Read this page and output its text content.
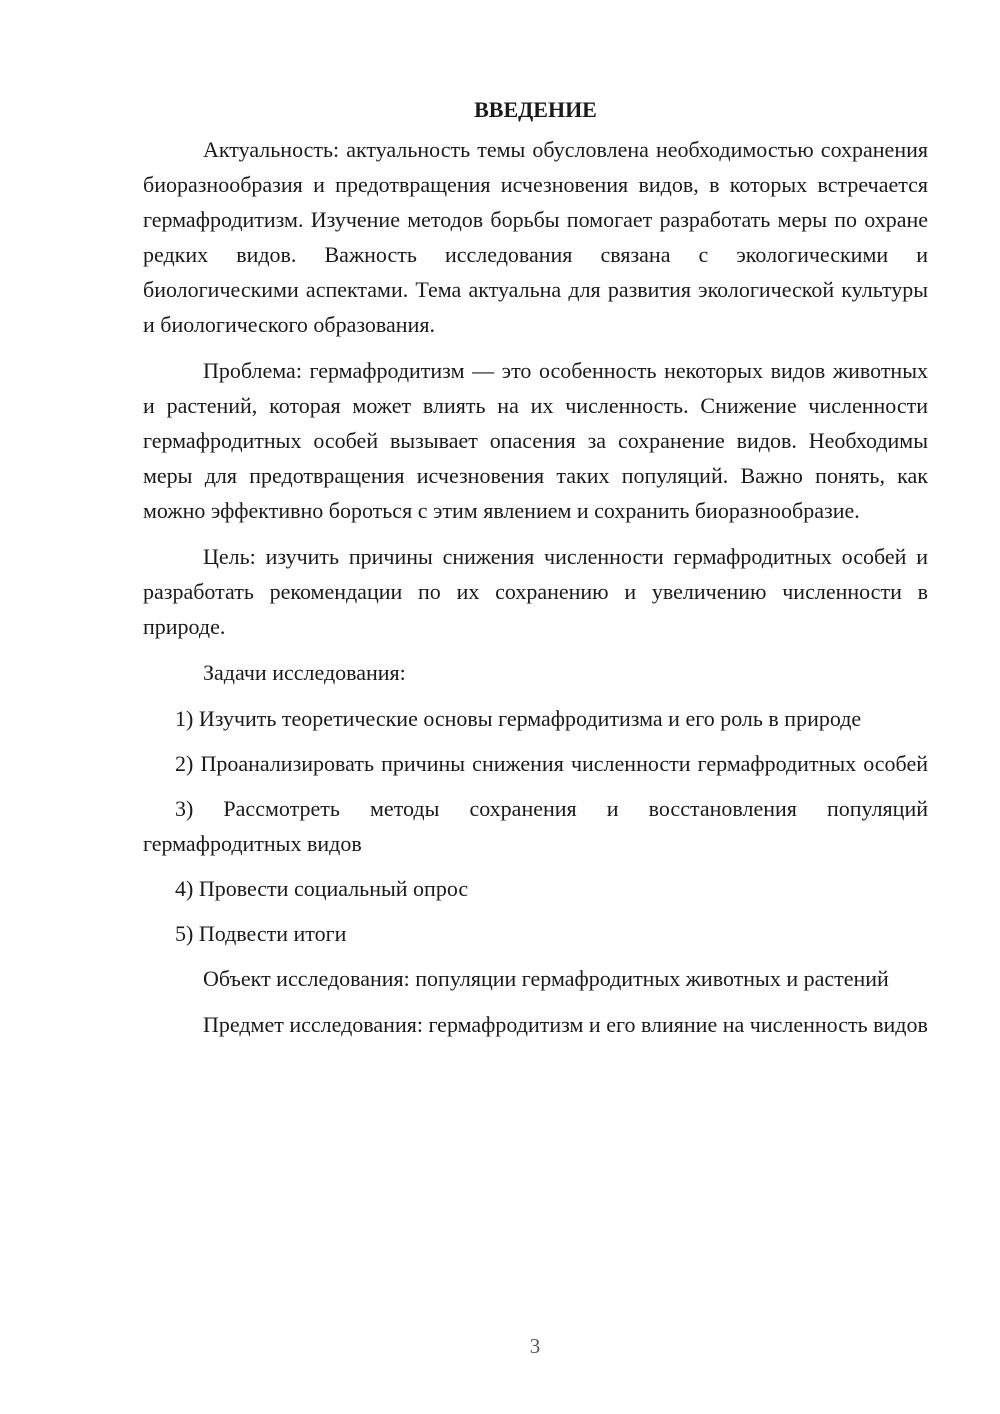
ВВЕДЕНИЕ

Актуальность: актуальность темы обусловлена необходимостью сохранения биоразнообразия и предотвращения исчезновения видов, в которых встречается гермафродитизм. Изучение методов борьбы помогает разработать меры по охране редких видов. Важность исследования связана с экологическими и биологическими аспектами. Тема актуальна для развития экологической культуры и биологического образования.

Проблема: гермафродитизм — это особенность некоторых видов животных и растений, которая может влиять на их численность. Снижение численности гермафродитных особей вызывает опасения за сохранение видов. Необходимы меры для предотвращения исчезновения таких популяций. Важно понять, как можно эффективно бороться с этим явлением и сохранить биоразнообразие.

Цель: изучить причины снижения численности гермафродитных особей и разработать рекомендации по их сохранению и увеличению численности в природе.

Задачи исследования:

1) Изучить теоретические основы гермафродитизма и его роль в природе

2) Проанализировать причины снижения численности гермафродитных особей

3) Рассмотреть методы сохранения и восстановления популяций гермафродитных видов

4) Провести социальный опрос

5) Подвести итоги

Объект исследования: популяции гермафродитных животных и растений

Предмет исследования: гермафродитизм и его влияние на численность видов

3
